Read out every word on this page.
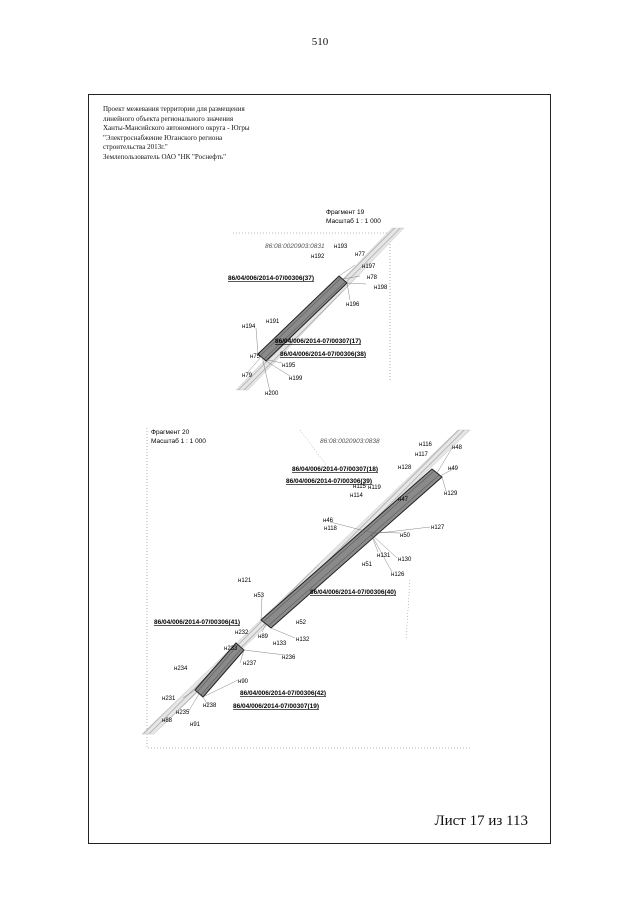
510
Проект межевания территории для размещения
линейного объекта регионального значения
Ханты-Мансийского автономного округа - Югры
"Электроснабжение Юганского региона
строительства 2013г."
Землепользователь ОАО "НК "Роснефть"
Фрагмент 19
Масштаб 1 : 1 000
86:08:0020903:0831
86/04/006/2014-07/00306(37)
86/04/006/2014-07/00307(17)
86/04/006/2014-07/00306(38)
н193
н192	н77
н197
н78
н198
н196
н194
н191
н75
н195
н199
н79
н200
Фрагмент 20
Масштаб 1 : 1 000	86:08:0020903:0838
86/04/006/2014-07/00307(18)
86/04/006/2014-07/00306(39)
86/04/006/2014-07/00306(40)
86/04/006/2014-07/00306(41)
86/04/006/2014-07/00306(42)
86/04/006/2014-07/00307(19)
н116	н48
н117
н128	н49
н115 н119
н114	н129
н47
н46
н118
н50
н127
н51
н131
н130
н126
н121
н53
н52
н132
н232
н89
н133
н233
н236
н234
н237
н90
н231
н235
н238
н88
н91
Лист 17 из 113
